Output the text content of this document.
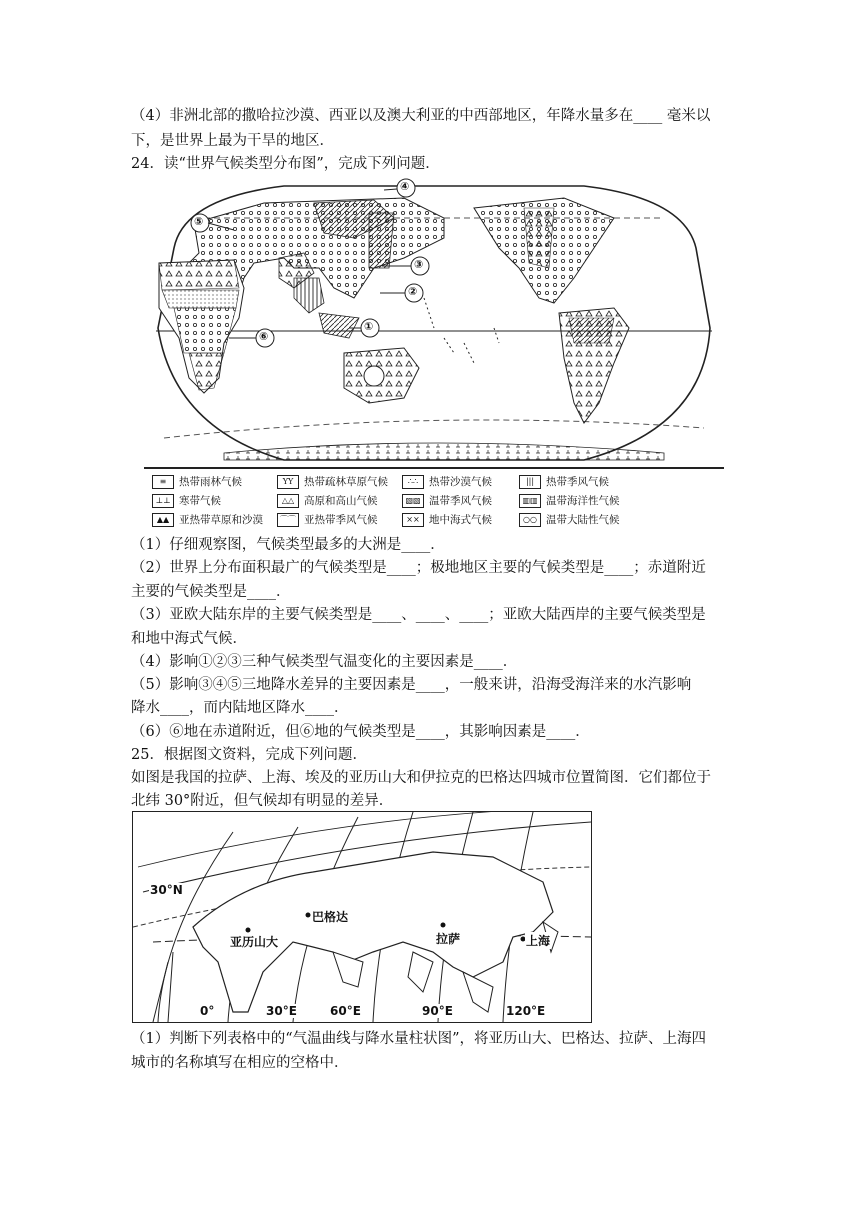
（4）非洲北部的撒哈拉沙漠、西亚以及澳大利亚的中西部地区，年降水量多在____ 毫米以
下，是世界上最为干旱的地区．
24．读“世界气候类型分布图”，完成下列问题．
④
⑤
③
②
①
⑥
≡	热带雨林气候	ΥΥ	热带疏林草原气候	∴∴	热带沙漠气候	|||	热带季风气候
⊥⊥ 寒带气候	△△ 高原和高山气候	▧▧ 温带季风气候	▥▥ 温带海洋性气候
▲▲ 亚热带草原和沙漠	⌒⌒ 亚热带季风气候	×× 地中海式气候	○○ 温带大陆性气候
（1）仔细观察图，气候类型最多的大洲是____．
（2）世界上分布面积最广的气候类型是____；极地地区主要的气候类型是____；赤道附近
主要的气候类型是____．
（3）亚欧大陆东岸的主要气候类型是____、____、____；亚欧大陆西岸的主要气候类型是
和地中海式气候．
（4）影响①②③三种气候类型气温变化的主要因素是____．
（5）影响③④⑤三地降水差异的主要因素是____，一般来讲，沿海受海洋来的水汽影响
降水____，而内陆地区降水____．
（6）⑥地在赤道附近，但⑥地的气候类型是____，其影响因素是____．
25．根据图文资料，完成下列问题．
如图是我国的拉萨、上海、埃及的亚历山大和伊拉克的巴格达四城市位置简图．它们都位于
北纬 30°附近，但气候却有明显的差异．
30°N
亚历山大
巴格达
拉萨	上海
0°	30°E	60°E	90°E	120°E
（1）判断下列表格中的“气温曲线与降水量柱状图”，将亚历山大、巴格达、拉萨、上海四
城市的名称填写在相应的空格中．
